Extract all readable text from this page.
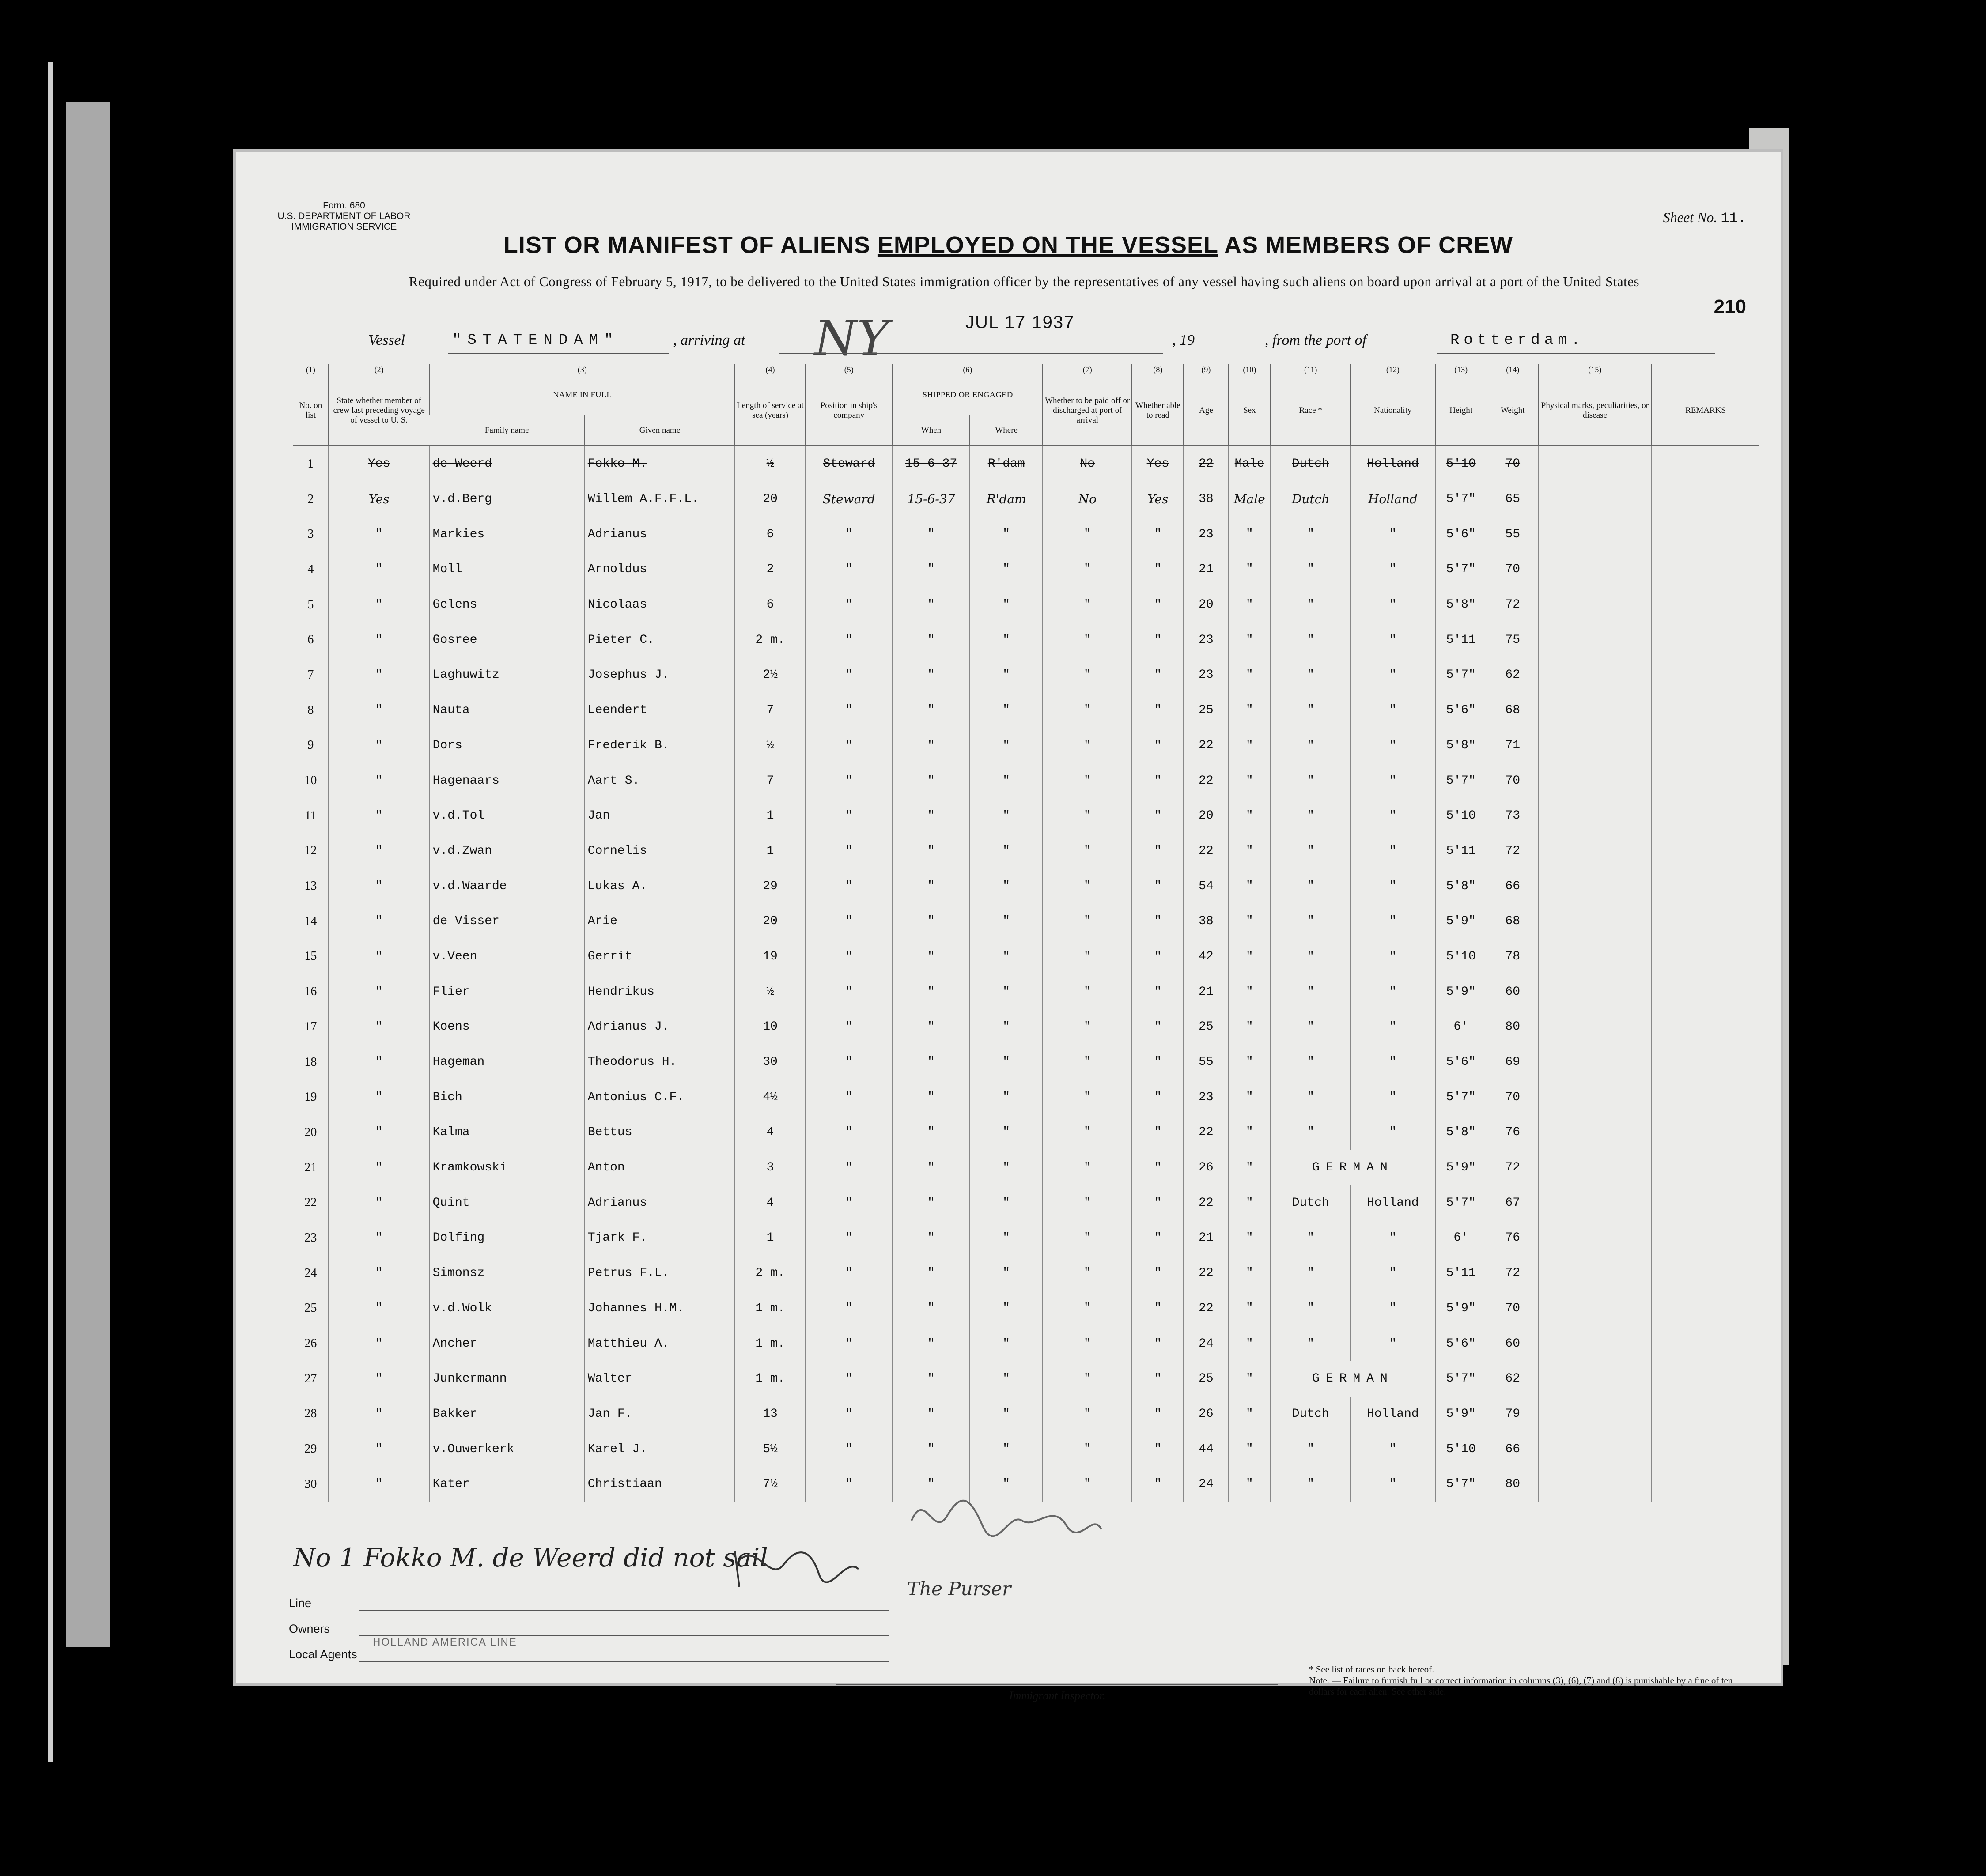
Form. 680
U.S. DEPARTMENT OF LABOR
IMMIGRATION SERVICE
Sheet No. 11.
LIST OR MANIFEST OF ALIENS EMPLOYED ON THE VESSEL AS MEMBERS OF CREW
Required under Act of Congress of February 5, 1917, to be delivered to the United States immigration officer by the representatives of any vessel having such aliens on board upon arrival at a port of the United States
JUL 17 1937
210
Vessel	"STATENDAM"	, arriving at NY	, 19	, from the port of	Rotterdam.
(1)	(2)	(3)		(4)	(5)	(6)		(7)	(8)	(9)	(10)	(11)	(12)	(13)	(14)	(15)	
No. on list	State whether member of crew last preceding voyage of vessel to U. S.	NAME IN FULL		Length of service at sea (years)	Position in ship's company	SHIPPED OR ENGAGED		Whether to be paid off or discharged at port of arrival	Whether able to read	Age	Sex	Race *	Nationality	Height	Weight	Physical marks, peculiarities, or disease	REMARKS
		Family name	Given name			When	Where										
1	Yes	de Weerd	Fokko M.	½	Steward	15-6-37	R'dam	No	Yes	22	Male	Dutch	Holland	5'10	70		
2	Yes	v.d.Berg	Willem A.F.F.L.	20	Steward	15-6-37	R'dam	No	Yes	38	Male	Dutch	Holland	5'7"	65		
3	"	Markies	Adrianus	6	"	"	"	"	"	23	"	"	"	5'6"	55		
4	"	Moll	Arnoldus	2	"	"	"	"	"	21	"	"	"	5'7"	70		
5	"	Gelens	Nicolaas	6	"	"	"	"	"	20	"	"	"	5'8"	72		
6	"	Gosree	Pieter C.	2 m.	"	"	"	"	"	23	"	"	"	5'11	75		
7	"	Laghuwitz	Josephus J.	2½	"	"	"	"	"	23	"	"	"	5'7"	62		
8	"	Nauta	Leendert	7	"	"	"	"	"	25	"	"	"	5'6"	68		
9	"	Dors	Frederik B.	½	"	"	"	"	"	22	"	"	"	5'8"	71		
10	"	Hagenaars	Aart S.	7	"	"	"	"	"	22	"	"	"	5'7"	70		
11	"	v.d.Tol	Jan	1	"	"	"	"	"	20	"	"	"	5'10	73		
12	"	v.d.Zwan	Cornelis	1	"	"	"	"	"	22	"	"	"	5'11	72		
13	"	v.d.Waarde	Lukas A.	29	"	"	"	"	"	54	"	"	"	5'8"	66		
14	"	de Visser	Arie	20	"	"	"	"	"	38	"	"	"	5'9"	68		
15	"	v.Veen	Gerrit	19	"	"	"	"	"	42	"	"	"	5'10	78		
16	"	Flier	Hendrikus	½	"	"	"	"	"	21	"	"	"	5'9"	60		
17	"	Koens	Adrianus J.	10	"	"	"	"	"	25	"	"	"	6'	80		
18	"	Hageman	Theodorus H.	30	"	"	"	"	"	55	"	"	"	5'6"	69		
19	"	Bich	Antonius C.F.	4½	"	"	"	"	"	23	"	"	"	5'7"	70		
20	"	Kalma	Bettus	4	"	"	"	"	"	22	"	"	"	5'8"	76		
21	"	Kramkowski	Anton	3	"	"	"	"	"	26	"	GERMAN		5'9"	72		
22	"	Quint	Adrianus	4	"	"	"	"	"	22	"	Dutch	Holland	5'7"	67		
23	"	Dolfing	Tjark F.	1	"	"	"	"	"	21	"	"	"	6'	76		
24	"	Simonsz	Petrus F.L.	2 m.	"	"	"	"	"	22	"	"	"	5'11	72		
25	"	v.d.Wolk	Johannes H.M.	1 m.	"	"	"	"	"	22	"	"	"	5'9"	70		
26	"	Ancher	Matthieu A.	1 m.	"	"	"	"	"	24	"	"	"	5'6"	60		
27	"	Junkermann	Walter	1 m.	"	"	"	"	"	25	"	GERMAN		5'7"	62		
28	"	Bakker	Jan F.	13	"	"	"	"	"	26	"	Dutch	Holland	5'9"	79		
29	"	v.Ouwerkerk	Karel J.	5½	"	"	"	"	"	44	"	"	"	5'10	66		
30	"	Kater	Christiaan	7½	"	"	"	"	"	24	"	"	"	5'7"	80		
No 1 Fokko M. de Weerd did not sail
The Purser
Line
Owners
Local Agents
HOLLAND AMERICA LINE
Immigrant Inspector.
* See list of races on back hereof.
Note. — Failure to furnish full or correct information in columns (3), (6), (7) and (8) is punishable by a fine of ten dollars for each alien. See other side.
